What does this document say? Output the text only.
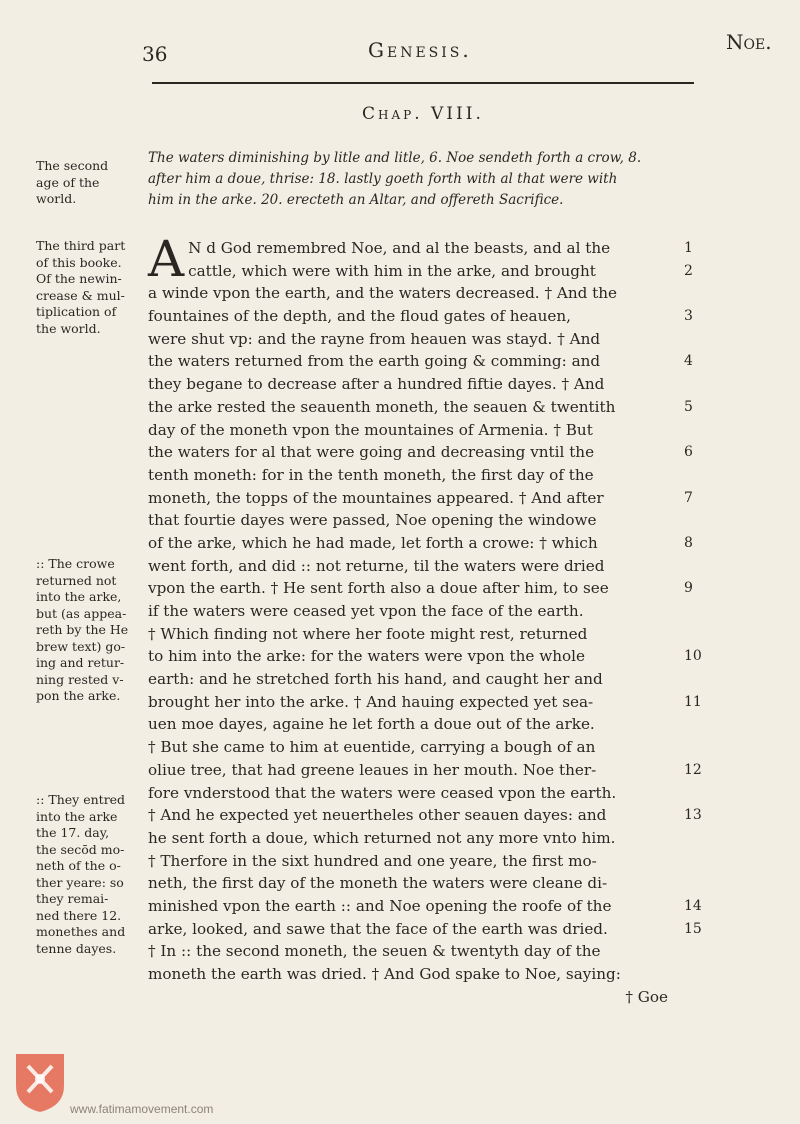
36	Genesis.	Noe.
Chap. VIII.
The waters diminishing by litle and litle, 6. Noe sendeth forth a crow, 8.
after him a doue, thrise: 18. lastly goeth forth with al that were with
him in the arke. 20. erecteth an Altar, and offereth Sacrifice.
The second
age of the
world.
The third part
of this booke.
Of the newin-
crease & mul-
tiplication of
the world.
:: The crowe
returned not
into the arke,
but (as appea-
reth by the He
brew text) go-
ing and retur-
ning rested v-
pon the arke.
:: They entred
into the arke
the 17. day,
the secōd mo-
neth of the o-
ther yeare: so
they remai-
ned there 12.
monethes and
tenne dayes.
A N d God remembred Noe, and al the beasts, and al the
cattle, which were with him in the arke, and brought
a winde vpon the earth, and the waters decreased. † And the
fountaines of the depth, and the floud gates of heauen,
were shut vp: and the rayne from heauen was stayd. † And
the waters returned from the earth going & comming: and
they begane to decrease after a hundred fiftie dayes. † And
the arke rested the seauenth moneth, the seauen & twentith
day of the moneth vpon the mountaines of Armenia. † But
the waters for al that were going and decreasing vntil the
tenth moneth: for in the tenth moneth, the first day of the
moneth, the topps of the mountaines appeared. † And after
that fourtie dayes were passed, Noe opening the windowe
of the arke, which he had made, let forth a crowe: † which
went forth, and did :: not returne, til the waters were dried
vpon the earth. † He sent forth also a doue after him, to see
if the waters were ceased yet vpon the face of the earth.
† Which finding not where her foote might rest, returned
to him into the arke: for the waters were vpon the whole
earth: and he stretched forth his hand, and caught her and
brought her into the arke. † And hauing expected yet sea-
uen moe dayes, againe he let forth a doue out of the arke.
† But she came to him at euentide, carrying a bough of an
oliue tree, that had greene leaues in her mouth. Noe ther-
fore vnderstood that the waters were ceased vpon the earth.
† And he expected yet neuertheles other seauen dayes: and
he sent forth a doue, which returned not any more vnto him.
† Therfore in the sixt hundred and one yeare, the first mo-
neth, the first day of the moneth the waters were cleane di-
minished vpon the earth :: and Noe opening the roofe of the
arke, looked, and sawe that the face of the earth was dried.
† In :: the second moneth, the seuen & twentyth day of the
moneth the earth was dried. † And God spake to Noe, saying:
† Goe
1
2
3
4
5
6
7
8
9
10
11
12
13
14
15
www.fatimamovement.com
